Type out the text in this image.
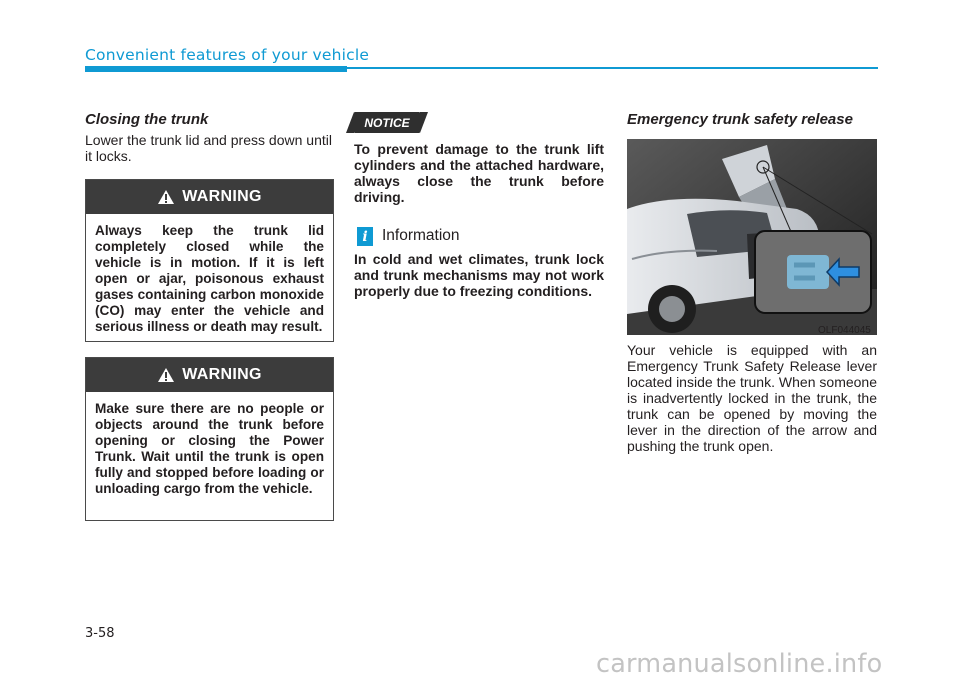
Convenient features of your vehicle
Closing the trunk
Lower the trunk lid and press down until it locks.
WARNING
Always keep the trunk lid completely closed while the vehicle is in motion. If it is left open or ajar, poisonous exhaust gases containing carbon monoxide (CO) may enter the vehicle and serious illness or death may result.
WARNING
Make sure there are no people or objects around the trunk before opening or closing the Power Trunk. Wait until the trunk is open fully and stopped before loading or unloading cargo from the vehicle.
NOTICE
To prevent damage to the trunk lift cylinders and the attached hardware, always close the trunk before driving.
i Information
In cold and wet climates, trunk lock and trunk mechanisms may not work properly due to freezing conditions.
Emergency trunk safety release
OLF044045
Your vehicle is equipped with an Emergency Trunk Safety Release lever located inside the trunk. When someone is inadvertently locked in the trunk, the trunk can be opened by moving the lever in the direction of the arrow and pushing the trunk open.
3-58
carmanualsonline.info
